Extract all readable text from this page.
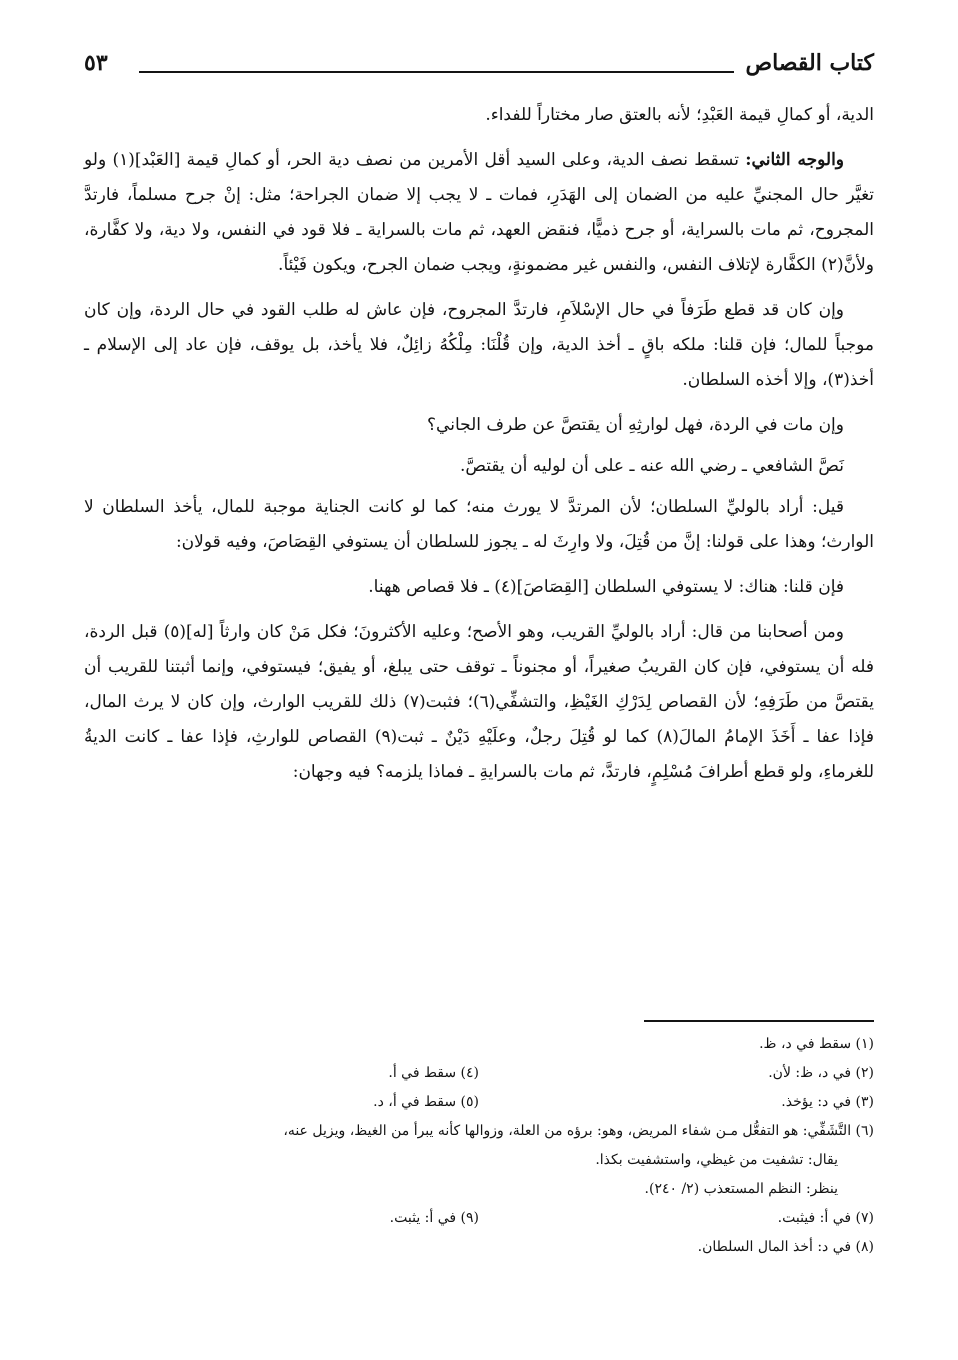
كتاب القصاص
٥٣

الدية، أو كمالِ قيمة العَبْدِ؛ لأنه بالعتق صار مختاراً للفداء.

والوجه الثاني: تسقط نصف الدية، وعلى السيد أقل الأمرين من نصف دية الحر، أو كمالِ قيمة [العَبْد](١) ولو تغيَّر حال المجنيِّ عليه من الضمان إلى الهَدَرِ، فمات ـ لا يجب إلا ضمان الجراحة؛ مثل: إنْ جرح مسلماً، فارتدَّ المجروح، ثم مات بالسراية، أو جرح ذميًّا، فنقض العهد، ثم مات بالسراية ـ فلا قود في النفس، ولا دية، ولا كفَّارة، ولأنَّ(٢) الكفَّارة لإتلاف النفس، والنفس غير مضمونةٍ، ويجب ضمان الجرح، ويكون فَيْئاً.

وإن كان قد قطع طَرَفاً في حال الإسْلاَمِ، فارتدَّ المجروح، فإن عاش له طلب القود في حال الردة، وإن كان موجباً للمال؛ فإن قلنا: ملكه باقٍ ـ أخذ الدية، وإن قُلْنَا: مِلْكُهُ زائِلٌ، فلا يأخذ، بل يوقف، فإن عاد إلى الإسلام ـ أخذ(٣)، وإلا أخذه السلطان.

وإن مات في الردة، فهل لوارثِهِ أن يقتصَّ عن طرف الجاني؟

نَصَّ الشافعي ـ رضي الله عنه ـ على أن لوليه أن يقتصَّ.

قيل: أراد بالوليِّ السلطان؛ لأن المرتدَّ لا يورث منه؛ كما لو كانت الجناية موجبة للمال، يأخذ السلطان لا الوارث؛ وهذا على قولنا: إنَّ من قُتِلَ، ولا وارِثَ له ـ يجوز للسلطان أن يستوفي القِصَاصَ، وفيه قولان:

فإن قلنا: هناك: لا يستوفي السلطان [القِصَاصَ](٤) ـ فلا قصاص ههنا.

ومن أصحابنا من قال: أراد بالوليِّ القريب، وهو الأصح؛ وعليه الأكثرونَ؛ فكل مَنْ كان وارثاً [له](٥) قبل الردة، فله أن يستوفي، فإن كان القريبُ صغيراً، أو مجنوناً ـ توقف حتى يبلغ، أو يفيق؛ فيستوفي، وإنما أثبتنا للقريب أن يقتصَّ من طَرَفِهِ؛ لأن القصاص لِدَرْكِ الغَيْظِ، والتشفِّي(٦)؛ فثبت(٧) ذلك للقريب الوارث، وإن كان لا يرث المال، فإذا عفا ـ أَخَذَ الإمامُ المالَ(٨) كما لو قُتِلَ رجلٌ، وعلَيْهِ دَيْنٌ ـ ثبت(٩) القصاص للوارثِ، فإذا عفا ـ كانت الديةُ للغرماءِ، ولو قطع أطرافَ مُسْلِمٍ، فارتدَّ، ثم مات بالسرايةِ ـ فماذا يلزمه؟ فيه وجهان:

(١) سقط في د، ظ.
(٢) في د، ظ: لأن.
(٤) سقط في أ.
(٣) في د: يؤخذ.
(٥) سقط في أ، د.
(٦) التَّشَفِّي: هو التفعُّل مـن شفاء المريض، وهو: برؤه من العلة، وزوالها كأنه يبرأ من الغيظ، ويزيل عنه،
يقال: تشفيت من غيظي، واستشفيت بكذا.
ينظر: النظم المستعذب (٢/ ٢٤٠).
(٧) في أ: فيثبت.
(٩) في أ: يثبت.
(٨) في د: أخذ المال السلطان.
